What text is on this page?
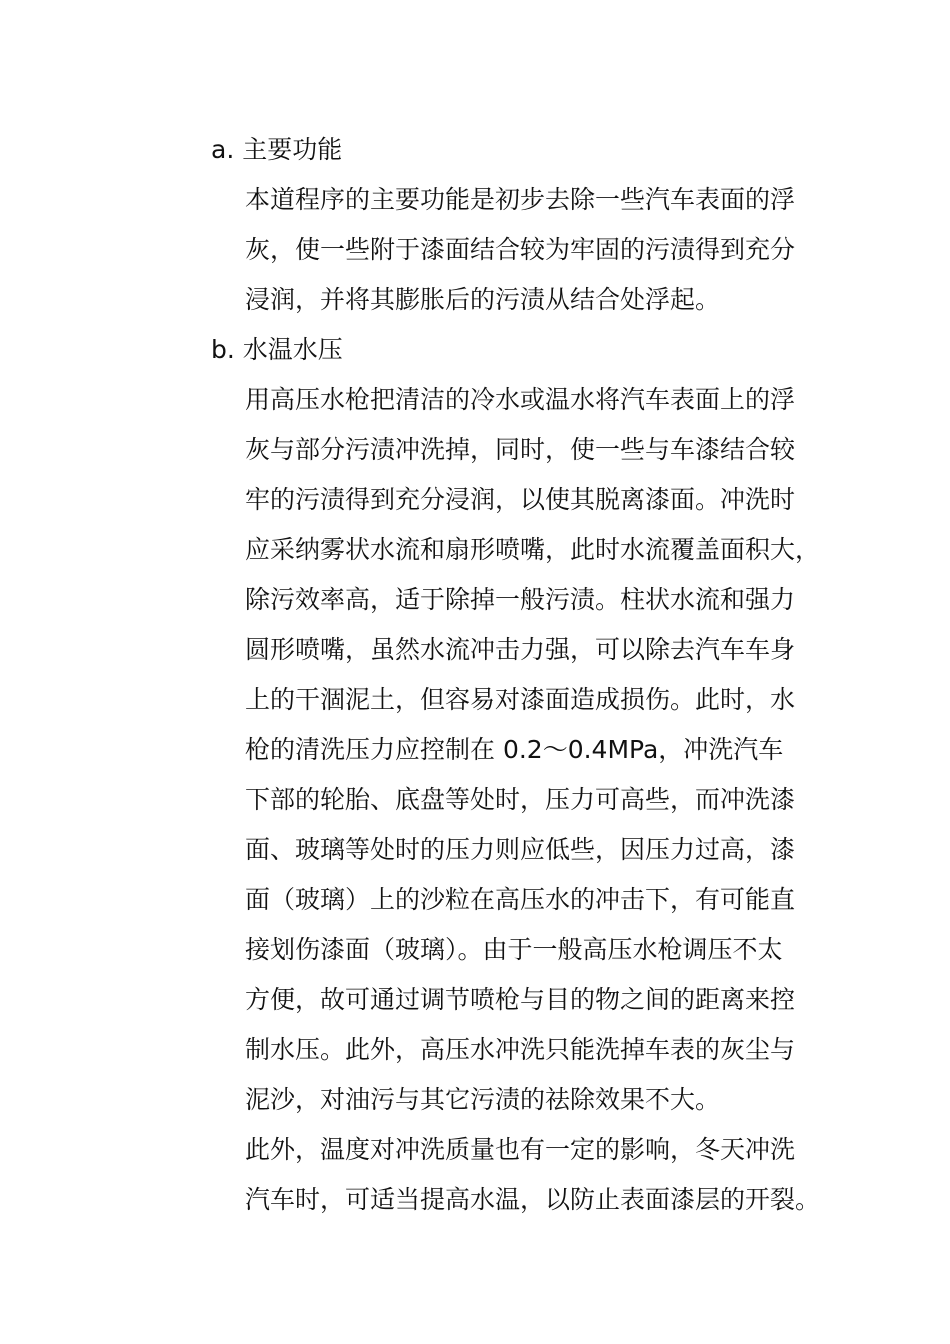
a. 主要功能
本道程序的主要功能是初步去除一些汽车表面的浮
灰，使一些附于漆面结合较为牢固的污渍得到充分
浸润，并将其膨胀后的污渍从结合处浮起。
b. 水温水压
用高压水枪把清洁的冷水或温水将汽车表面上的浮
灰与部分污渍冲洗掉，同时，使一些与车漆结合较
牢的污渍得到充分浸润，以使其脱离漆面。冲洗时
应采纳雾状水流和扇形喷嘴，此时水流覆盖面积大，
除污效率高，适于除掉一般污渍。柱状水流和强力
圆形喷嘴，虽然水流冲击力强，可以除去汽车车身
上的干涸泥土，但容易对漆面造成损伤。此时，水
枪的清洗压力应控制在 0.2～0.4MPa，冲洗汽车
下部的轮胎、底盘等处时，压力可高些，而冲洗漆
面、玻璃等处时的压力则应低些，因压力过高，漆
面（玻璃）上的沙粒在高压水的冲击下，有可能直
接划伤漆面（玻璃）。由于一般高压水枪调压不太
方便，故可通过调节喷枪与目的物之间的距离来控
制水压。此外，高压水冲洗只能洗掉车表的灰尘与
泥沙，对油污与其它污渍的祛除效果不大。
此外，温度对冲洗质量也有一定的影响，冬天冲洗
汽车时，可适当提高水温，以防止表面漆层的开裂。
